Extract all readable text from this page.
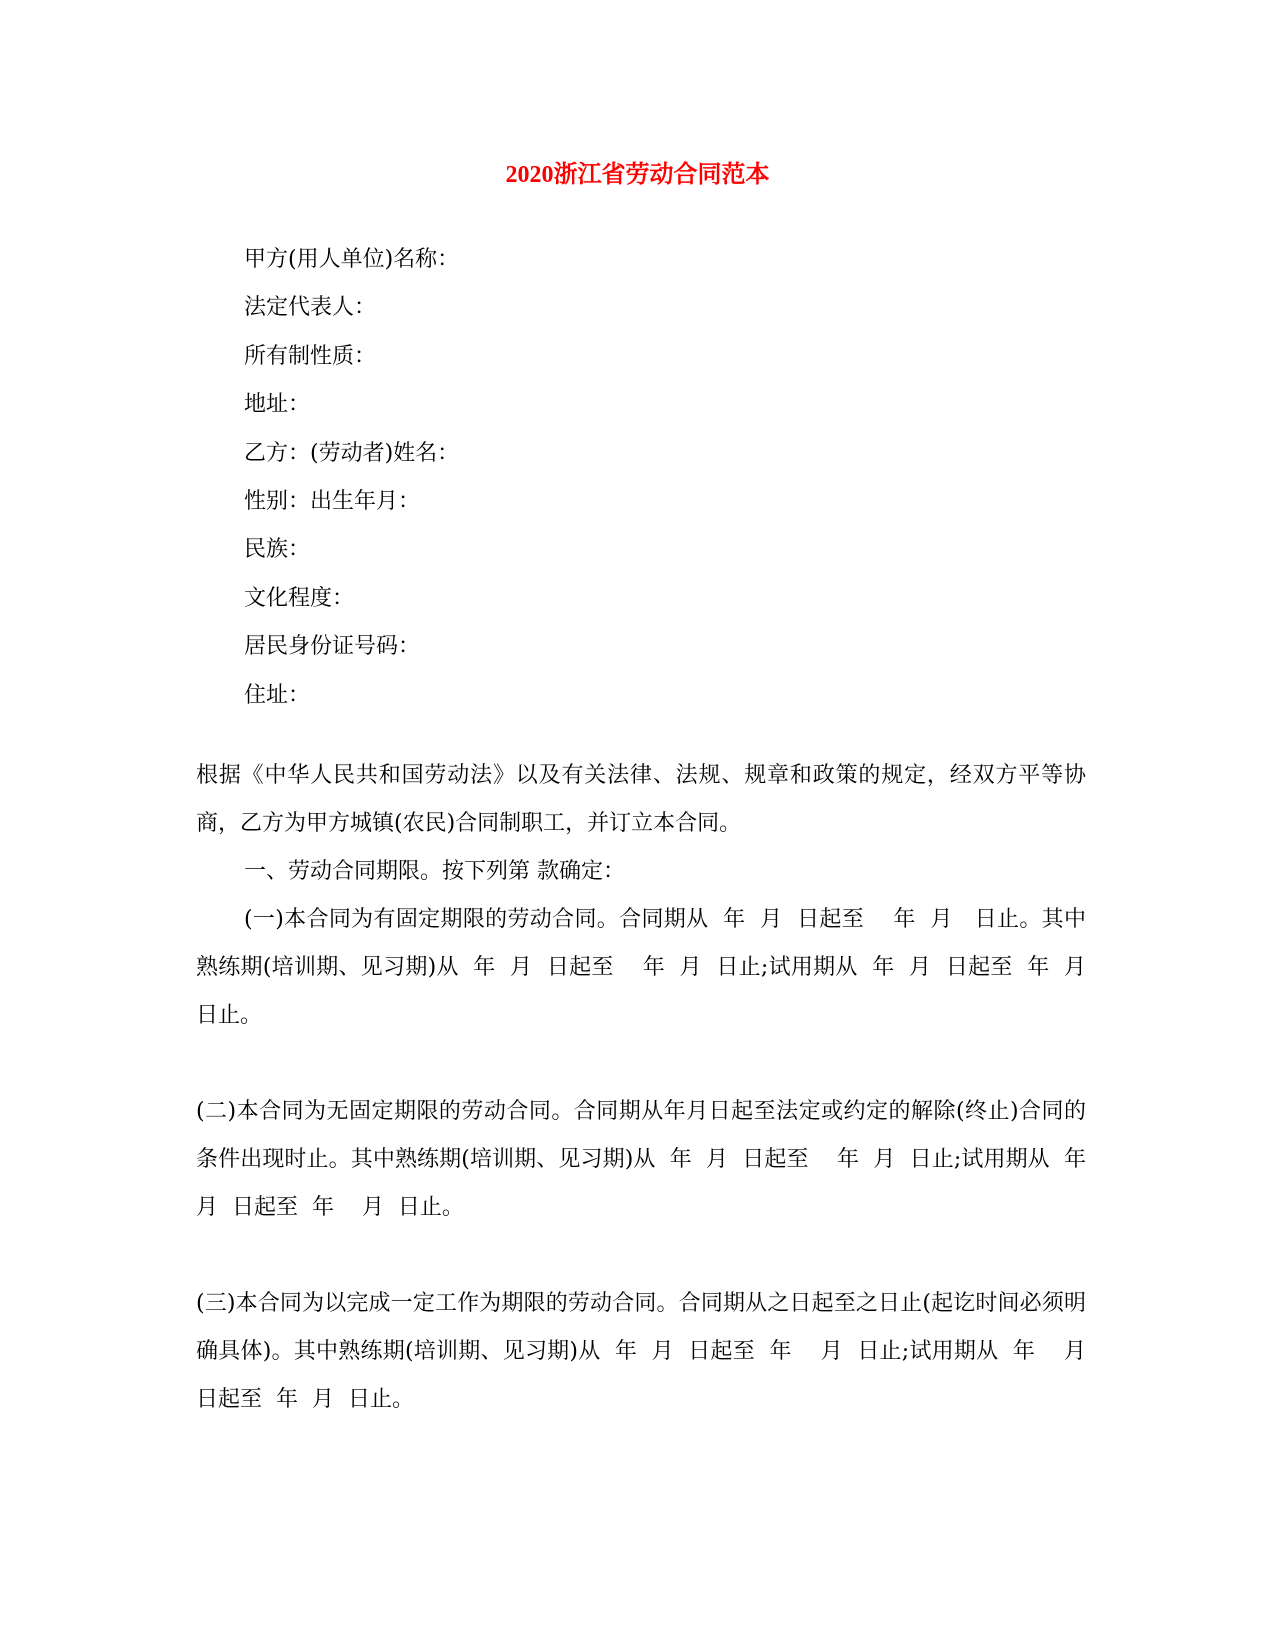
2020浙江省劳动合同范本
甲方(用人单位)名称：
法定代表人：
所有制性质：
地址：
乙方：(劳动者)姓名：
性别：出生年月：
民族：
文化程度：
居民身份证号码：
住址：

根据《中华人民共和国劳动法》以及有关法律、法规、规章和政策的规定，经双方平等协商，乙方为甲方城镇(农民)合同制职工，并订立本合同。

一、劳动合同期限。按下列第 款确定：

(一)本合同为有固定期限的劳动合同。合同期从  年  月  日起至    年  月   日止。其中熟练期(培训期、见习期)从  年  月  日起至    年  月  日止;试用期从  年  月  日起至  年  月    日止。

(二)本合同为无固定期限的劳动合同。合同期从年月日起至法定或约定的解除(终止)合同的条件出现时止。其中熟练期(培训期、见习期)从  年  月  日起至    年  月  日止;试用期从  年  月  日起至  年    月  日止。

(三)本合同为以完成一定工作为期限的劳动合同。合同期从之日起至之日止(起讫时间必须明确具体)。其中熟练期(培训期、见习期)从  年  月  日起至  年    月  日止;试用期从  年    月  日起至  年  月  日止。
